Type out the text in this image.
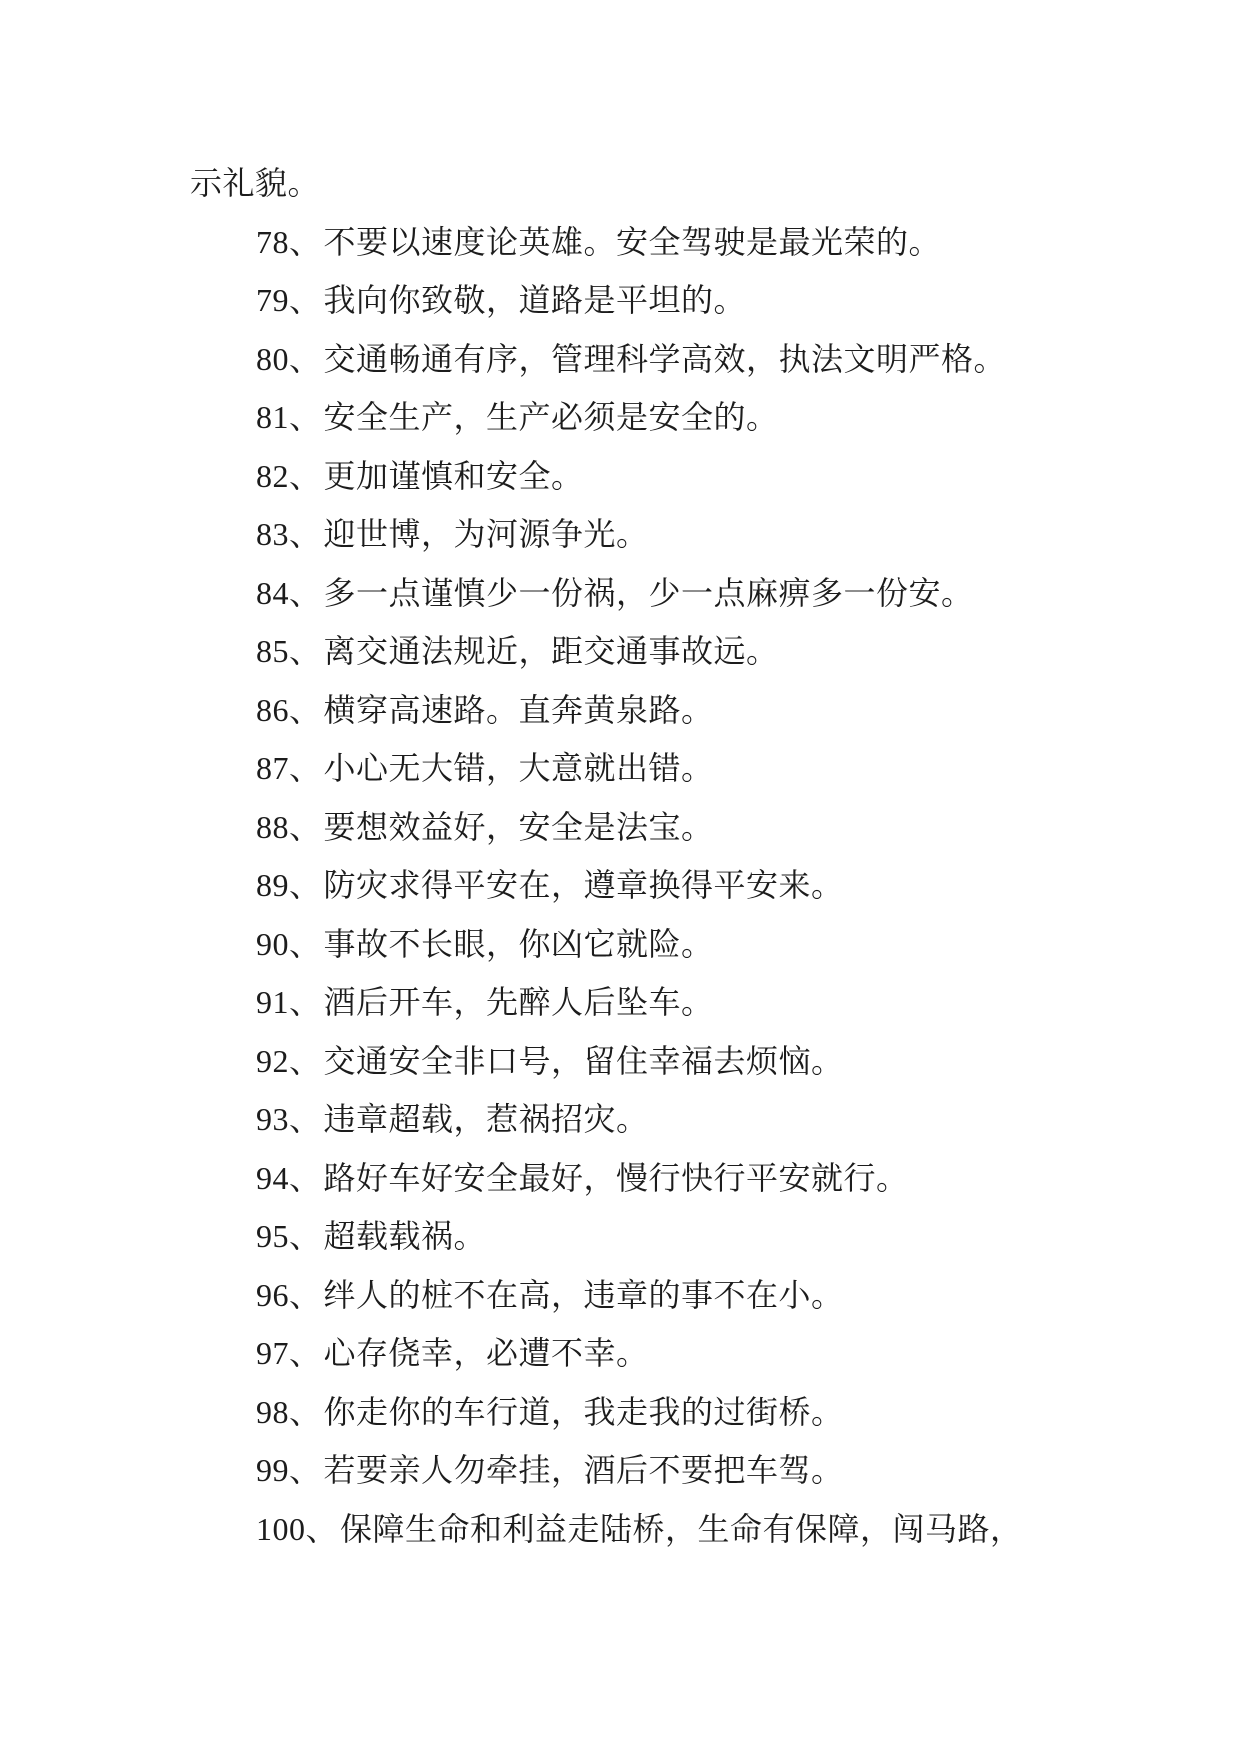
示礼貌。

78、不要以速度论英雄。安全驾驶是最光荣的。

79、我向你致敬，道路是平坦的。

80、交通畅通有序，管理科学高效，执法文明严格。

81、安全生产，生产必须是安全的。

82、更加谨慎和安全。

83、迎世博，为河源争光。

84、多一点谨慎少一份祸，少一点麻痹多一份安。

85、离交通法规近，距交通事故远。

86、横穿高速路。直奔黄泉路。

87、小心无大错，大意就出错。

88、要想效益好，安全是法宝。

89、防灾求得平安在，遵章换得平安来。

90、事故不长眼，你凶它就险。

91、酒后开车，先醉人后坠车。

92、交通安全非口号，留住幸福去烦恼。

93、违章超载，惹祸招灾。

94、路好车好安全最好，慢行快行平安就行。

95、超载载祸。

96、绊人的桩不在高，违章的事不在小。

97、心存侥幸，必遭不幸。

98、你走你的车行道，我走我的过街桥。

99、若要亲人勿牵挂，酒后不要把车驾。

100、保障生命和利益走陆桥，生命有保障，闯马路，
